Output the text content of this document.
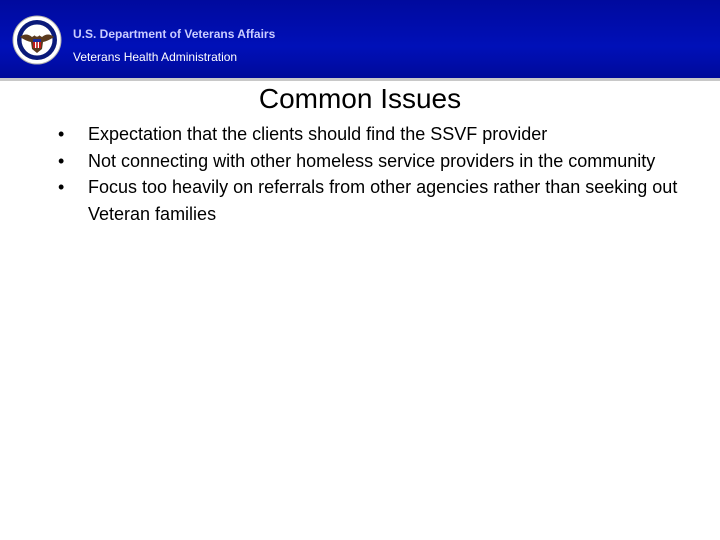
U.S. Department of Veterans Affairs
Veterans Health Administration
Common Issues
• Expectation that the clients should find the SSVF provider
• Not connecting with other homeless service providers in the community
• Focus too heavily on referrals from other agencies rather than seeking out Veteran families
